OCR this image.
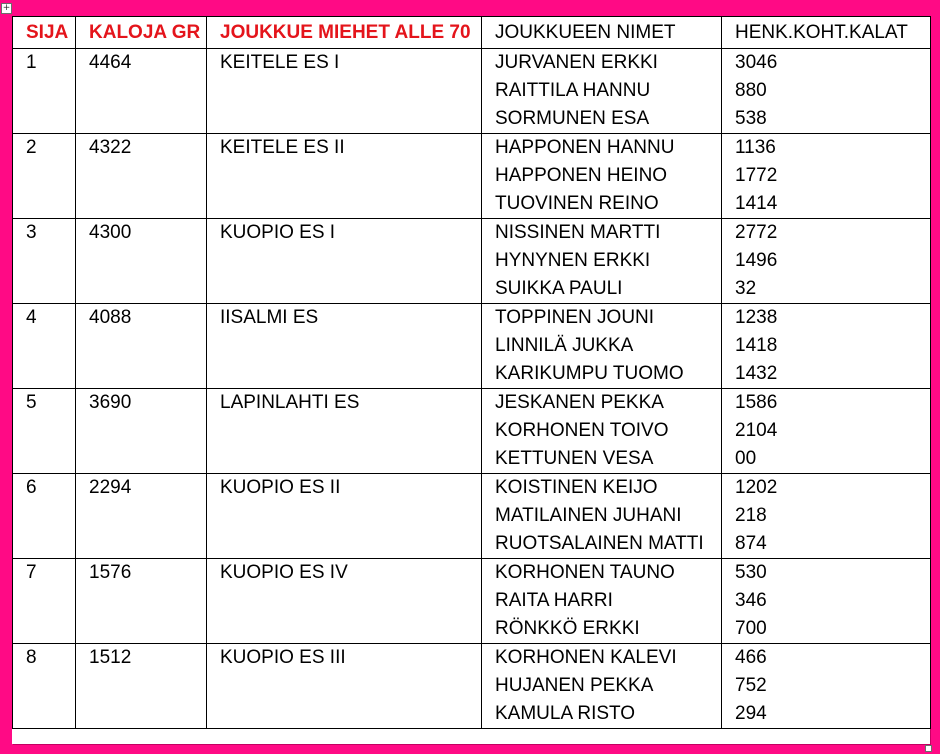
+
SIJA	KALOJA GR	JOUKKUE MIEHET ALLE 70	JOUKKUEEN NIMET	HENK.KOHT.KALAT
1	4464	KEITELE ES I	JURVANEN ERKKI	3046
			RAITTILA HANNU	880
			SORMUNEN ESA	538
2	4322	KEITELE ES II	HAPPONEN HANNU	1136
			HAPPONEN HEINO	1772
			TUOVINEN REINO	1414
3	4300	KUOPIO ES I	NISSINEN MARTTI	2772
			HYNYNEN ERKKI	1496
			SUIKKA PAULI	32
4	4088	IISALMI ES	TOPPINEN JOUNI	1238
			LINNILÄ JUKKA	1418
			KARIKUMPU TUOMO	1432
5	3690	LAPINLAHTI ES	JESKANEN PEKKA	1586
			KORHONEN TOIVO	2104
			KETTUNEN VESA	00
6	2294	KUOPIO ES II	KOISTINEN KEIJO	1202
			MATILAINEN JUHANI	218
			RUOTSALAINEN MATTI	874
7	1576	KUOPIO ES IV	KORHONEN TAUNO	530
			RAITA HARRI	346
			RÖNKKÖ ERKKI	700
8	1512	KUOPIO ES III	KORHONEN KALEVI	466
			HUJANEN PEKKA	752
			KAMULA RISTO	294
